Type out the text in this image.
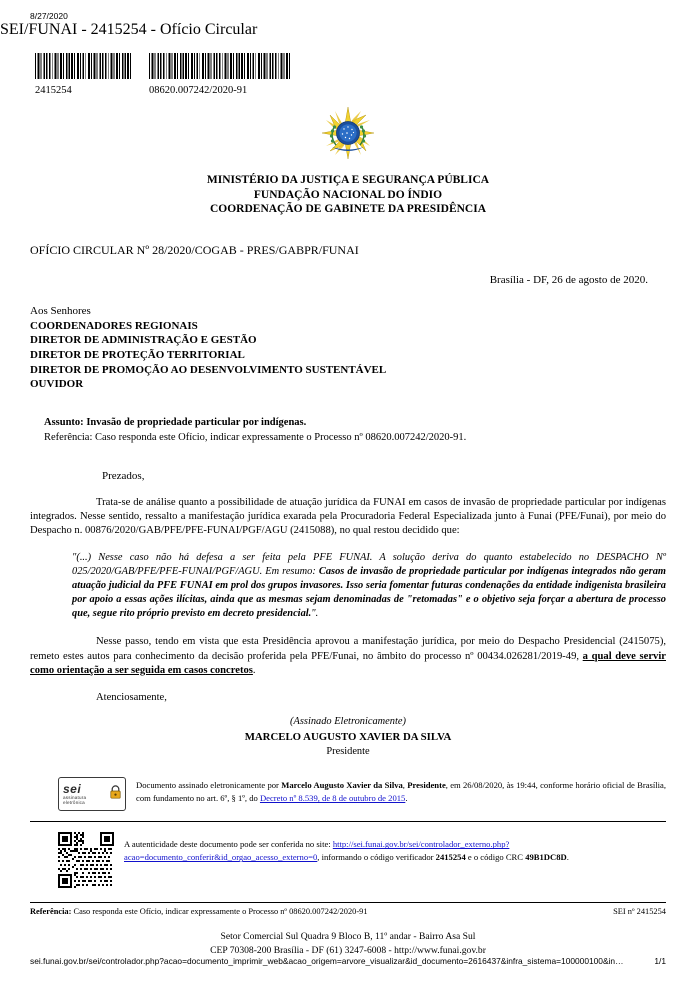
8/27/2020
SEI/FUNAI - 2415254 - Ofício Circular
2415254	08620.007242/2020-91
MINISTÉRIO DA JUSTIÇA E SEGURANÇA PÚBLICA
FUNDAÇÃO NACIONAL DO ÍNDIO
COORDENAÇÃO DE GABINETE DA PRESIDÊNCIA
OFÍCIO CIRCULAR Nº 28/2020/COGAB - PRES/GABPR/FUNAI
Brasília - DF, 26 de agosto de 2020.
Aos Senhores
COORDENADORES REGIONAIS
DIRETOR DE ADMINISTRAÇÃO E GESTÃO
DIRETOR DE PROTEÇÃO TERRITORIAL
DIRETOR DE PROMOÇÃO AO DESENVOLVIMENTO SUSTENTÁVEL
OUVIDOR
Assunto: Invasão de propriedade particular por indígenas.
Referência: Caso responda este Ofício, indicar expressamente o Processo nº 08620.007242/2020-91.
Prezados,

Trata-se de análise quanto a possibilidade de atuação jurídica da FUNAI em casos de invasão de propriedade particular por indígenas integrados. Nesse sentido, ressalto a manifestação jurídica exarada pela Procuradoria Federal Especializada junto à Funai (PFE/Funai), por meio do Despacho n. 00876/2020/GAB/PFE/PFE-FUNAI/PGF/AGU (2415088), no qual restou decidido que:

"(...) Nesse caso não há defesa a ser feita pela PFE FUNAI. A solução deriva do quanto estabelecido no DESPACHO Nº 025/2020/GAB/PFE/PFE-FUNAI/PGF/AGU. Em resumo: Casos de invasão de propriedade particular por indígenas integrados não geram atuação judicial da PFE FUNAI em prol dos grupos invasores. Isso seria fomentar futuras condenações da entidade indigenista brasileira por apoio a essas ações ilícitas, ainda que as mesmas sejam denominadas de "retomadas" e o objetivo seja forçar a abertura de processo que, segue rito próprio previsto em decreto presidencial.".

Nesse passo, tendo em vista que esta Presidência aprovou a manifestação jurídica, por meio do Despacho Presidencial (2415075), remeto estes autos para conhecimento da decisão proferida pela PFE/Funai, no âmbito do processo nº 00434.026281/2019-49, a qual deve servir como orientação a ser seguida em casos concretos.

Atenciosamente,
(Assinado Eletronicamente)
MARCELO AUGUSTO XAVIER DA SILVA
Presidente
sei
assinatura
eletrônica
Documento assinado eletronicamente por Marcelo Augusto Xavier da Silva, Presidente, em 26/08/2020, às 19:44, conforme horário oficial de Brasília, com fundamento no art. 6º, § 1º, do Decreto nº 8.539, de 8 de outubro de 2015.
A autenticidade deste documento pode ser conferida no site: http://sei.funai.gov.br/sei/controlador_externo.php?
acao=documento_conferir&id_orgao_acesso_externo=0, informando o código verificador 2415254 e o código CRC 49B1DC8D.
Referência: Caso responda este Ofício, indicar expressamente o Processo nº 08620.007242/2020-91	SEI nº 2415254
Setor Comercial Sul Quadra 9 Bloco B, 11º andar - Bairro Asa Sul
CEP 70308-200 Brasília - DF (61) 3247-6008 - http://www.funai.gov.br
sei.funai.gov.br/sei/controlador.php?acao=documento_imprimir_web&acao_origem=arvore_visualizar&id_documento=2616437&infra_sistema=100000100&in…	1/1
